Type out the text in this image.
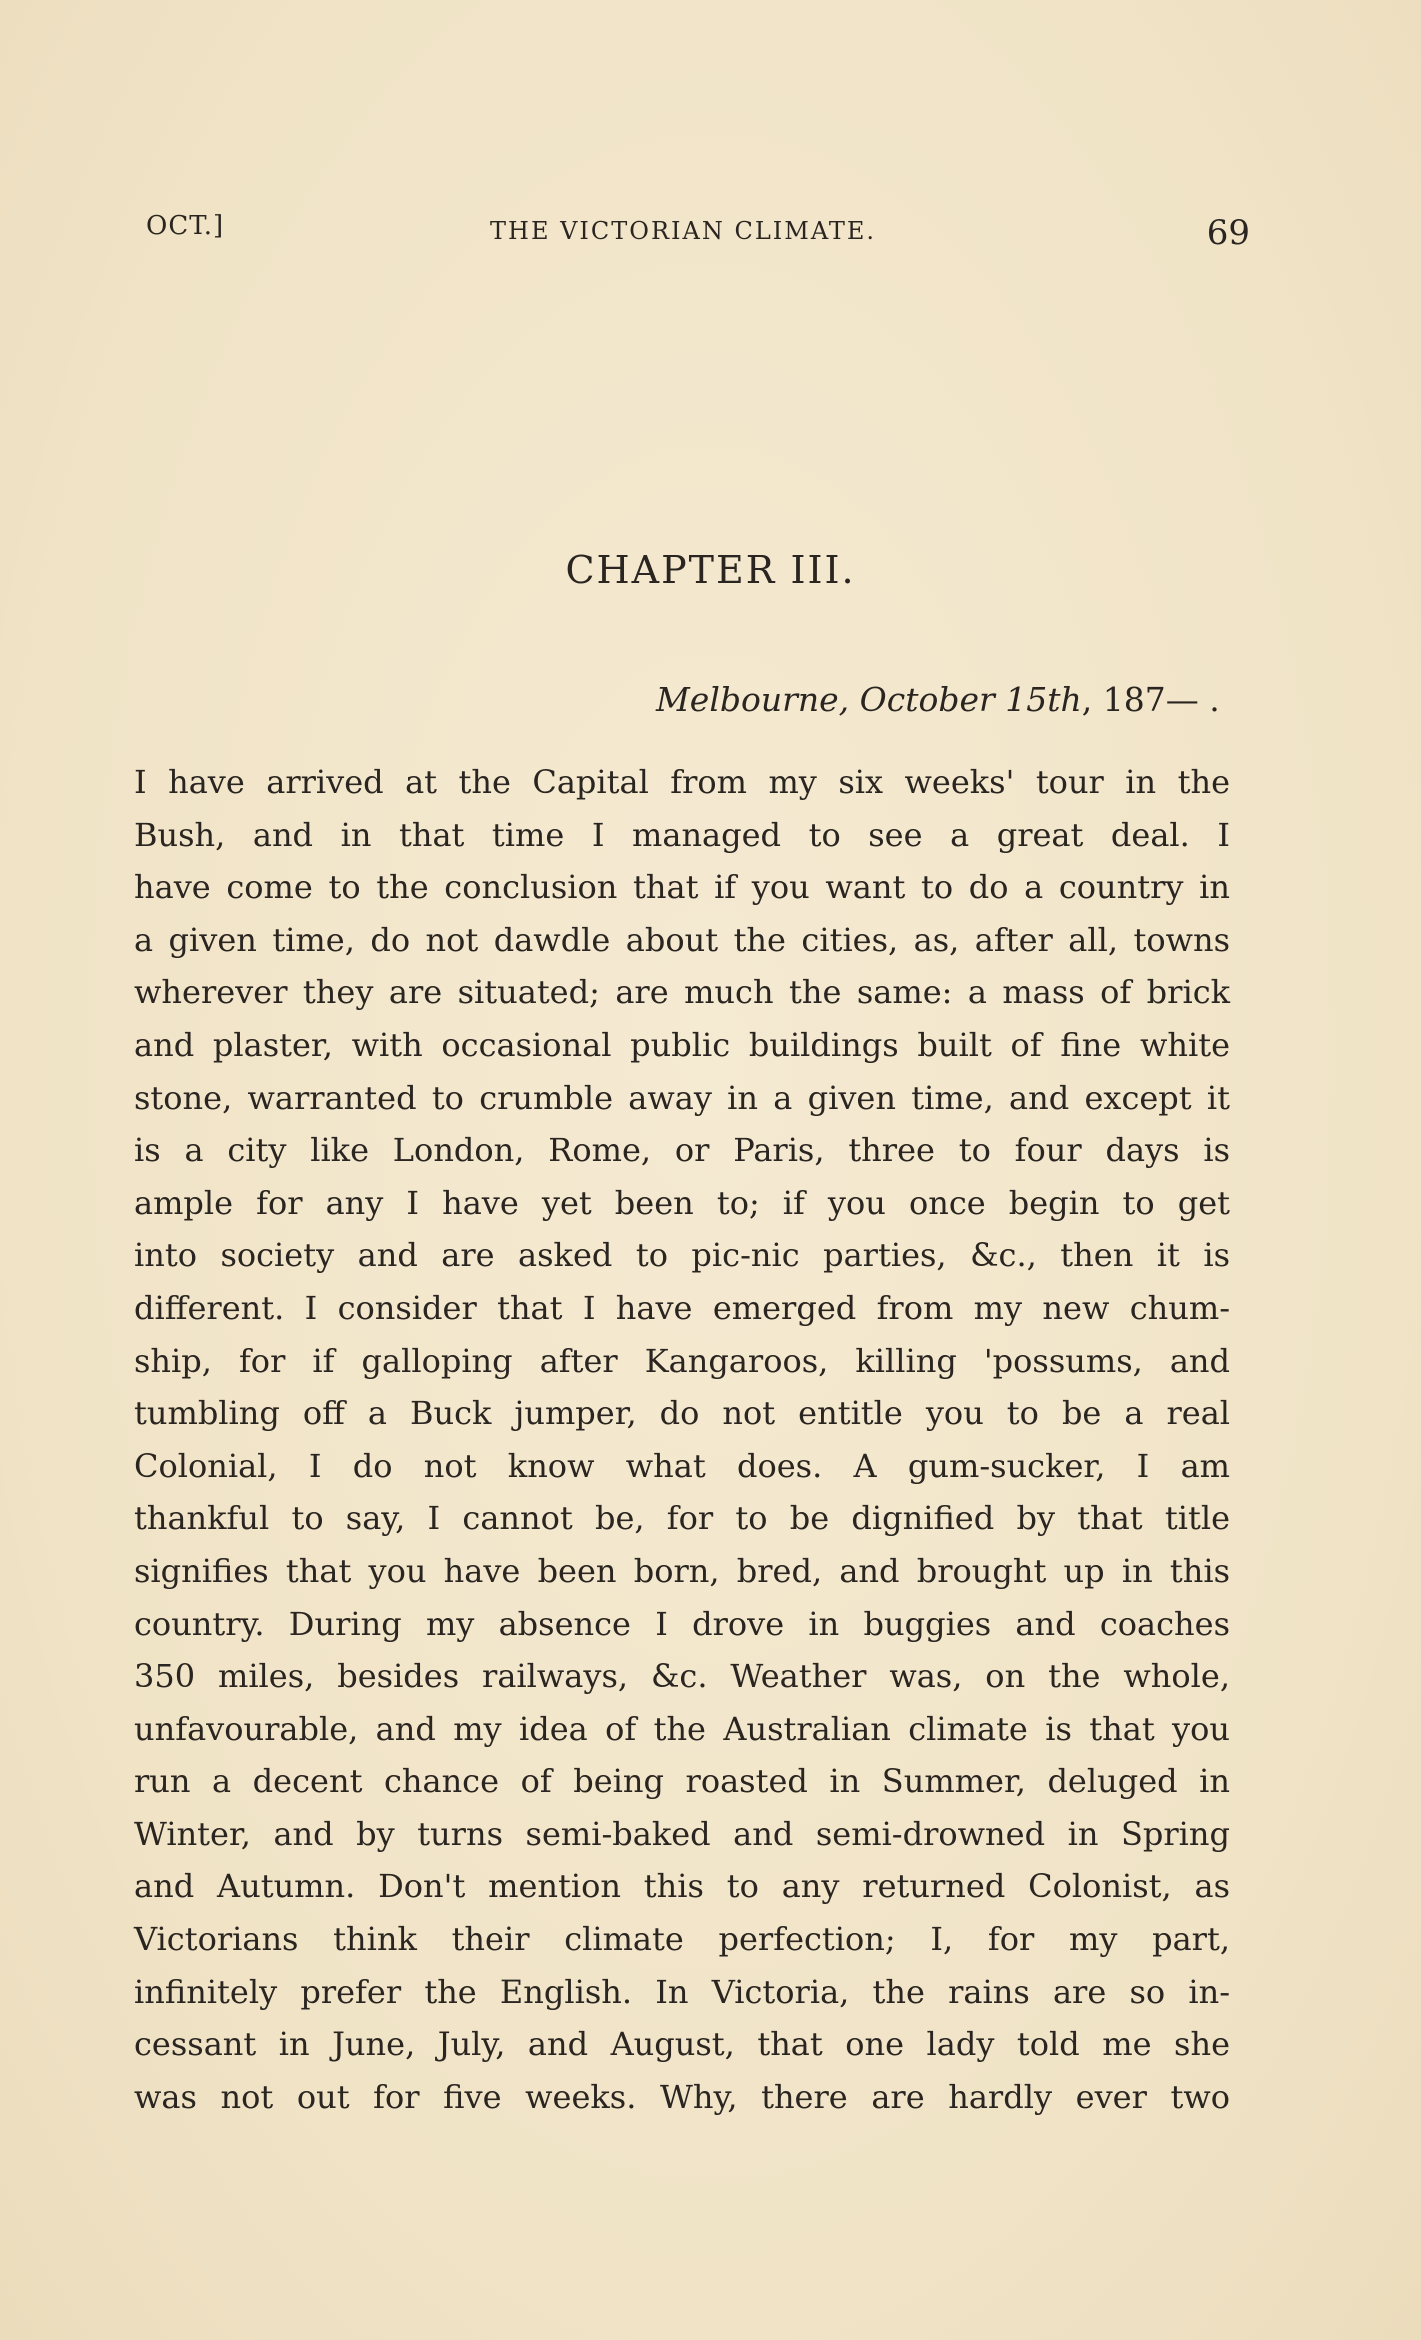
OCT.]	THE VICTORIAN CLIMATE.	69
CHAPTER III.
Melbourne, October 15th, 187— .
I have arrived at the Capital from my six weeks' tour in the
Bush, and in that time I managed to see a great deal. I
have come to the conclusion that if you want to do a country in
a given time, do not dawdle about the cities, as, after all, towns
wherever they are situated; are much the same: a mass of brick
and plaster, with occasional public buildings built of fine white
stone, warranted to crumble away in a given time, and except it
is a city like London, Rome, or Paris, three to four days is
ample for any I have yet been to; if you once begin to get
into society and are asked to pic-nic parties, &c., then it is
different. I consider that I have emerged from my new chum-
ship, for if galloping after Kangaroos, killing 'possums, and
tumbling off a Buck jumper, do not entitle you to be a real
Colonial, I do not know what does. A gum-sucker, I am
thankful to say, I cannot be, for to be dignified by that title
signifies that you have been born, bred, and brought up in this
country. During my absence I drove in buggies and coaches
350 miles, besides railways, &c. Weather was, on the whole,
unfavourable, and my idea of the Australian climate is that you
run a decent chance of being roasted in Summer, deluged in
Winter, and by turns semi-baked and semi-drowned in Spring
and Autumn. Don't mention this to any returned Colonist, as
Victorians think their climate perfection; I, for my part,
infinitely prefer the English. In Victoria, the rains are so in-
cessant in June, July, and August, that one lady told me she
was not out for five weeks. Why, there are hardly ever two
